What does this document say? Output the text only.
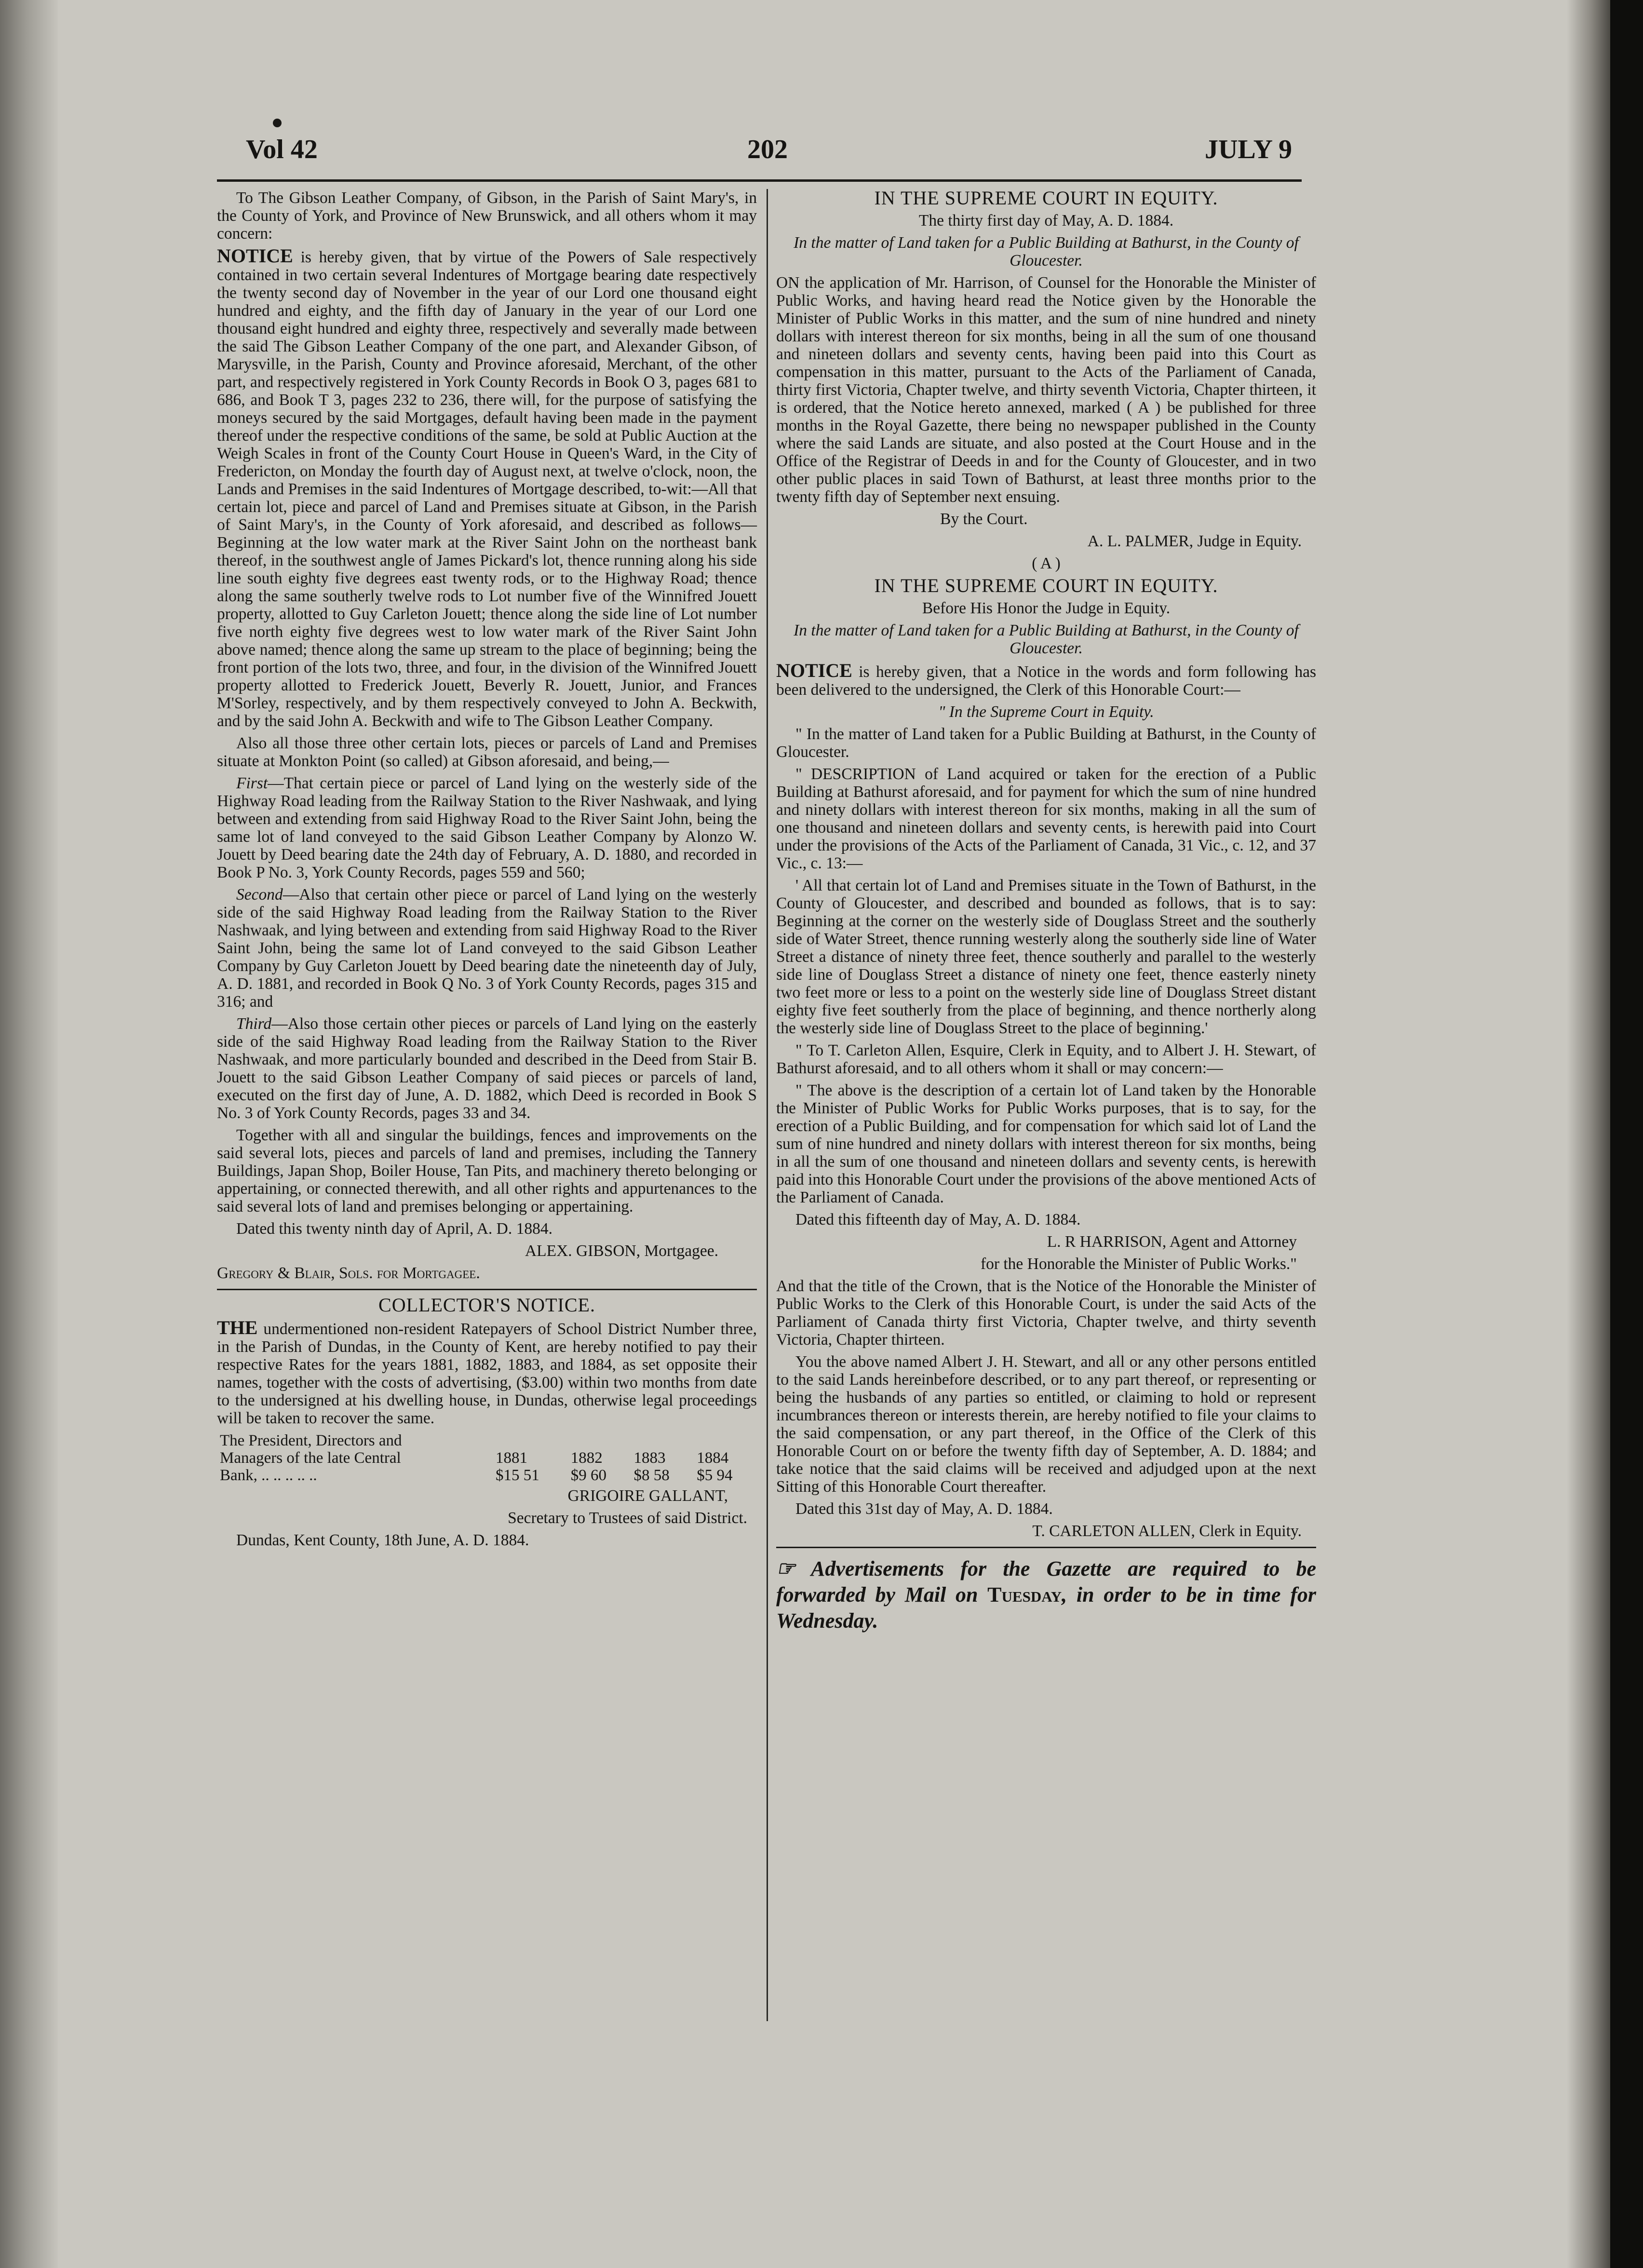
Vol 42	202	JULY 9

To The Gibson Leather Company, of Gibson, in the Parish of Saint Mary's, in the County of York, and Province of New Brunswick, and all others whom it may concern:

NOTICE is hereby given, that by virtue of the Powers of Sale respectively contained in two certain several Indentures of Mortgage bearing date respectively the twenty second day of November in the year of our Lord one thousand eight hundred and eighty, and the fifth day of January in the year of our Lord one thousand eight hundred and eighty three, respectively and severally made between the said The Gibson Leather Company of the one part, and Alexander Gibson, of Marysville, in the Parish, County and Province aforesaid, Merchant, of the other part, and respectively registered in York County Records in Book O 3, pages 681 to 686, and Book T 3, pages 232 to 236, there will, for the purpose of satisfying the moneys secured by the said Mortgages, default having been made in the payment thereof under the respective conditions of the same, be sold at Public Auction at the Weigh Scales in front of the County Court House in Queen's Ward, in the City of Fredericton, on Monday the fourth day of August next, at twelve o'clock, noon, the Lands and Premises in the said Indentures of Mortgage described, to-wit:—All that certain lot, piece and parcel of Land and Premises situate at Gibson, in the Parish of Saint Mary's, in the County of York aforesaid, and described as follows—Beginning at the low water mark at the River Saint John on the northeast bank thereof, in the southwest angle of James Pickard's lot, thence running along his side line south eighty five degrees east twenty rods, or to the Highway Road; thence along the same southerly twelve rods to Lot number five of the Winnifred Jouett property, allotted to Guy Carleton Jouett; thence along the side line of Lot number five north eighty five degrees west to low water mark of the River Saint John above named; thence along the same up stream to the place of beginning; being the front portion of the lots two, three, and four, in the division of the Winnifred Jouett property allotted to Frederick Jouett, Beverly R. Jouett, Junior, and Frances M'Sorley, respectively, and by them respectively conveyed to John A. Beckwith, and by the said John A. Beckwith and wife to The Gibson Leather Company.

Also all those three other certain lots, pieces or parcels of Land and Premises situate at Monkton Point (so called) at Gibson aforesaid, and being,—

First—That certain piece or parcel of Land lying on the westerly side of the Highway Road leading from the Railway Station to the River Nashwaak, and lying between and extending from said Highway Road to the River Saint John, being the same lot of land conveyed to the said Gibson Leather Company by Alonzo W. Jouett by Deed bearing date the 24th day of February, A. D. 1880, and recorded in Book P No. 3, York County Records, pages 559 and 560;

Second—Also that certain other piece or parcel of Land lying on the westerly side of the said Highway Road leading from the Railway Station to the River Nashwaak, and lying between and extending from said Highway Road to the River Saint John, being the same lot of Land conveyed to the said Gibson Leather Company by Guy Carleton Jouett by Deed bearing date the nineteenth day of July, A. D. 1881, and recorded in Book Q No. 3 of York County Records, pages 315 and 316; and

Third—Also those certain other pieces or parcels of Land lying on the easterly side of the said Highway Road leading from the Railway Station to the River Nashwaak, and more particularly bounded and described in the Deed from Stair B. Jouett to the said Gibson Leather Company of said pieces or parcels of land, executed on the first day of June, A. D. 1882, which Deed is recorded in Book S No. 3 of York County Records, pages 33 and 34.

Together with all and singular the buildings, fences and improvements on the said several lots, pieces and parcels of land and premises, including the Tannery Buildings, Japan Shop, Boiler House, Tan Pits, and machinery thereto belonging or appertaining, or connected therewith, and all other rights and appurtenances to the said several lots of land and premises belonging or appertaining.

Dated this twenty ninth day of April, A. D. 1884.

ALEX. GIBSON, Mortgagee.

Gregory & Blair, Sols. for Mortgagee.

COLLECTOR'S NOTICE.

THE undermentioned non-resident Ratepayers of School District Number three, in the Parish of Dundas, in the County of Kent, are hereby notified to pay their respective Rates for the years 1881, 1882, 1883, and 1884, as set opposite their names, together with the costs of advertising, ($3.00) within two months from date to the undersigned at his dwelling house, in Dundas, otherwise legal proceedings will be taken to recover the same.

The President, Directors and				
Managers of the late Central	1881	1882	1883	1884
Bank, .. .. .. .. ..	$15 51	$9 60	$8 58	$5 94

GRIGOIRE GALLANT,

Secretary to Trustees of said District.

Dundas, Kent County, 18th June, A. D. 1884.

IN THE SUPREME COURT IN EQUITY.

The thirty first day of May, A. D. 1884.

In the matter of Land taken for a Public Building at Bathurst, in the County of Gloucester.

ON the application of Mr. Harrison, of Counsel for the Honorable the Minister of Public Works, and having heard read the Notice given by the Honorable the Minister of Public Works in this matter, and the sum of nine hundred and ninety dollars with interest thereon for six months, being in all the sum of one thousand and nineteen dollars and seventy cents, having been paid into this Court as compensation in this matter, pursuant to the Acts of the Parliament of Canada, thirty first Victoria, Chapter twelve, and thirty seventh Victoria, Chapter thirteen, it is ordered, that the Notice hereto annexed, marked ( A ) be published for three months in the Royal Gazette, there being no newspaper published in the County where the said Lands are situate, and also posted at the Court House and in the Office of the Registrar of Deeds in and for the County of Gloucester, and in two other public places in said Town of Bathurst, at least three months prior to the twenty fifth day of September next ensuing.

By the Court.

A. L. PALMER, Judge in Equity.

( A )

IN THE SUPREME COURT IN EQUITY.

Before His Honor the Judge in Equity.

In the matter of Land taken for a Public Building at Bathurst, in the County of Gloucester.

NOTICE is hereby given, that a Notice in the words and form following has been delivered to the undersigned, the Clerk of this Honorable Court:—

" In the Supreme Court in Equity.

" In the matter of Land taken for a Public Building at Bathurst, in the County of Gloucester.

" DESCRIPTION of Land acquired or taken for the erection of a Public Building at Bathurst aforesaid, and for payment for which the sum of nine hundred and ninety dollars with interest thereon for six months, making in all the sum of one thousand and nineteen dollars and seventy cents, is herewith paid into Court under the provisions of the Acts of the Parliament of Canada, 31 Vic., c. 12, and 37 Vic., c. 13:—

' All that certain lot of Land and Premises situate in the Town of Bathurst, in the County of Gloucester, and described and bounded as follows, that is to say: Beginning at the corner on the westerly side of Douglass Street and the southerly side of Water Street, thence running westerly along the southerly side line of Water Street a distance of ninety three feet, thence southerly and parallel to the westerly side line of Douglass Street a distance of ninety one feet, thence easterly ninety two feet more or less to a point on the westerly side line of Douglass Street distant eighty five feet southerly from the place of beginning, and thence northerly along the westerly side line of Douglass Street to the place of beginning.'

" To T. Carleton Allen, Esquire, Clerk in Equity, and to Albert J. H. Stewart, of Bathurst aforesaid, and to all others whom it shall or may concern:—

" The above is the description of a certain lot of Land taken by the Honorable the Minister of Public Works for Public Works purposes, that is to say, for the erection of a Public Building, and for compensation for which said lot of Land the sum of nine hundred and ninety dollars with interest thereon for six months, being in all the sum of one thousand and nineteen dollars and seventy cents, is herewith paid into this Honorable Court under the provisions of the above mentioned Acts of the Parliament of Canada.

Dated this fifteenth day of May, A. D. 1884.

L. R HARRISON, Agent and Attorney

for the Honorable the Minister of Public Works."

And that the title of the Crown, that is the Notice of the Honorable the Minister of Public Works to the Clerk of this Honorable Court, is under the said Acts of the Parliament of Canada thirty first Victoria, Chapter twelve, and thirty seventh Victoria, Chapter thirteen.

You the above named Albert J. H. Stewart, and all or any other persons entitled to the said Lands hereinbefore described, or to any part thereof, or representing or being the husbands of any parties so entitled, or claiming to hold or represent incumbrances thereon or interests therein, are hereby notified to file your claims to the said compensation, or any part thereof, in the Office of the Clerk of this Honorable Court on or before the twenty fifth day of September, A. D. 1884; and take notice that the said claims will be received and adjudged upon at the next Sitting of this Honorable Court thereafter.

Dated this 31st day of May, A. D. 1884.

T. CARLETON ALLEN, Clerk in Equity.

☞ Advertisements for the Gazette are required to be forwarded by Mail on Tuesday, in order to be in time for Wednesday.
